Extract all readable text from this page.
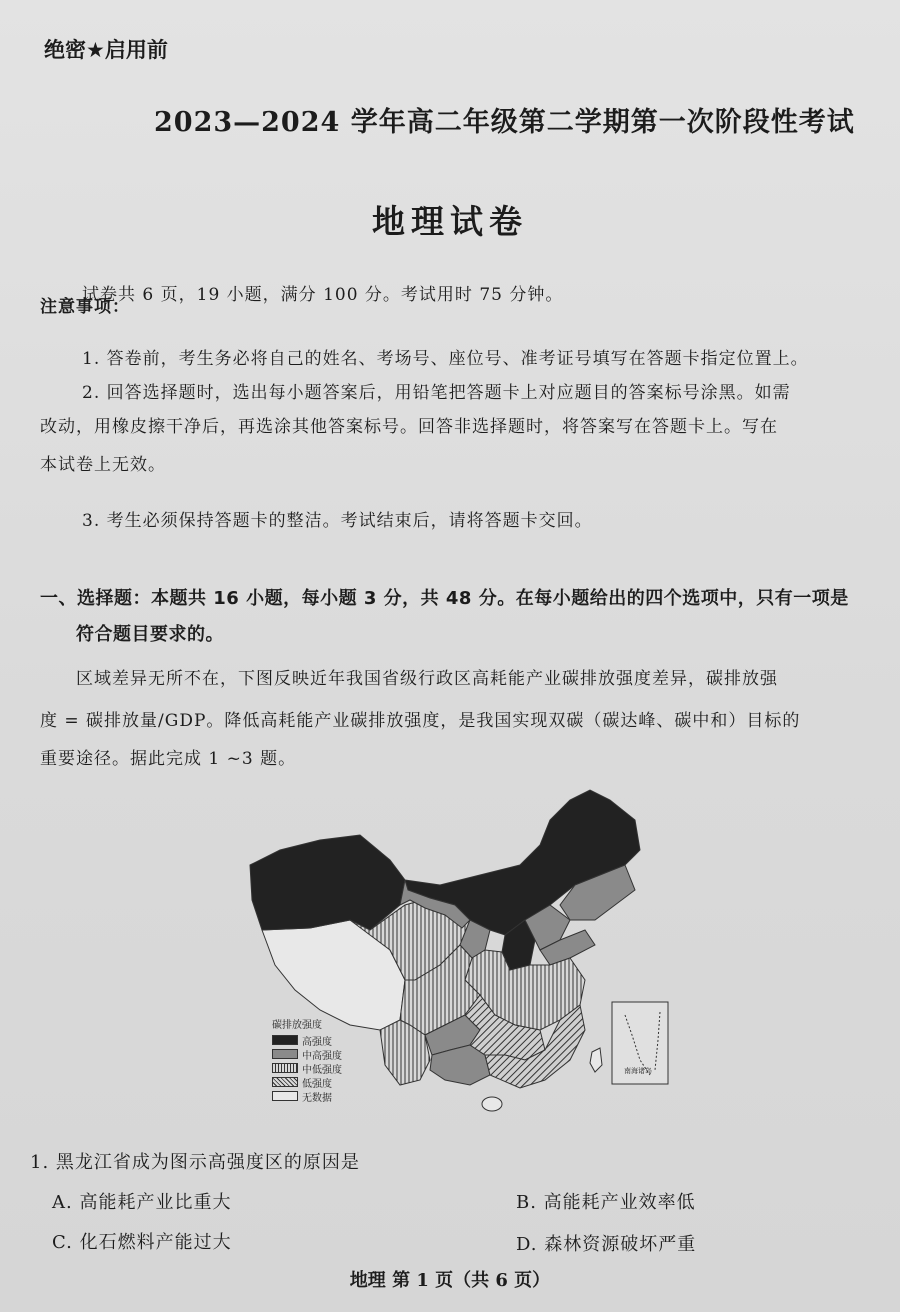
绝密★启用前
2023—2024 学年高二年级第二学期第一次阶段性考试
地理试卷
试卷共 6 页，19 小题，满分 100 分。考试用时 75 分钟。
注意事项：
1. 答卷前，考生务必将自己的姓名、考场号、座位号、准考证号填写在答题卡指定位置上。
2. 回答选择题时，选出每小题答案后，用铅笔把答题卡上对应题目的答案标号涂黑。如需
改动，用橡皮擦干净后，再选涂其他答案标号。回答非选择题时，将答案写在答题卡上。写在
本试卷上无效。
3. 考生必须保持答题卡的整洁。考试结束后，请将答题卡交回。
一、选择题：本题共 16 小题，每小题 3 分，共 48 分。在每小题给出的四个选项中，只有一项是
符合题目要求的。
区域差异无所不在，下图反映近年我国省级行政区高耗能产业碳排放强度差异，碳排放强
度 = 碳排放量/GDP。降低高耗能产业碳排放强度，是我国实现双碳（碳达峰、碳中和）目标的
重要途径。据此完成 1 ~3 题。
南海诸岛
碳排放强度
高强度
中高强度
中低强度
低强度
无数据
1. 黑龙江省成为图示高强度区的原因是
A. 高能耗产业比重大	B. 高能耗产业效率低
C. 化石燃料产能过大	D. 森林资源破坏严重
地理 第 1 页（共 6 页）
